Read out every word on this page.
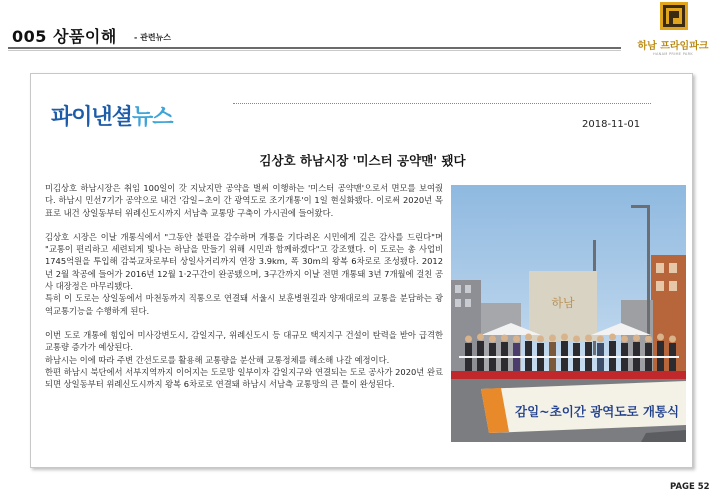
005 상품이해 - 관련뉴스
하남 프라임파크
HANAM PRIME PARK
파이낸셜뉴스	2018-11-01
김상호 하남시장 '미스터 공약맨' 됐다

미김상호 하남시장은 취임 100일이 갓 지났지만 공약을 벌써 이행하는 '미스터 공약맨'으로서 면모를 보여줬다. 하남시 민선7기가 공약으로 내건 '감일~초이 간 광역도로 조기개통'이 1일 현실화됐다. 이로써 2020년 목표로 내건 상일동부터 위례신도시까지 서남측 교통망 구축이 가시권에 들어왔다.

김상호 시장은 이날 개통식에서 "그동안 불편을 감수하며 개통을 기다려온 시민에게 깊은 감사를 드린다"며 "교통이 편리하고 세련되게 빛나는 하남을 만들기 위해 시민과 함께하겠다"고 강조했다. 이 도로는 총 사업비 1745억원을 투입해 감북교차로부터 상일사거리까지 연장 3.9km, 폭 30m의 왕복 6차로로 조성됐다. 2012년 2월 착공에 들어가 2016년 12월 1·2구간이 완공됐으며, 3구간까지 이날 전면 개통돼 3년 7개월에 걸친 공사 대장정은 마무리됐다.

특히 이 도로는 상일동에서 마천동까지 직통으로 연결돼 서울시 보훈병원길과 양재대로의 교통을 분담하는 광역교통기능을 수행하게 된다.

이번 도로 개통에 힘입어 미사강변도시, 감일지구, 위례신도시 등 대규모 택지지구 건설이 탄력을 받아 급격한 교통량 증가가 예상된다.

하남시는 이에 따라 주변 간선도로를 활용해 교통량을 분산해 교통정체를 해소해 나갈 예정이다.

한편 하남시 북단에서 서부지역까지 이어지는 도로망 일부이자 감일지구와 연결되는 도로 공사가 2020년 완료되면 상일동부터 위례신도시까지 왕복 6차로로 연결돼 하남시 서남측 교통망의 큰 틀이 완성된다.

하남
감일~초이간 광역도로 개통식
PAGE 52
